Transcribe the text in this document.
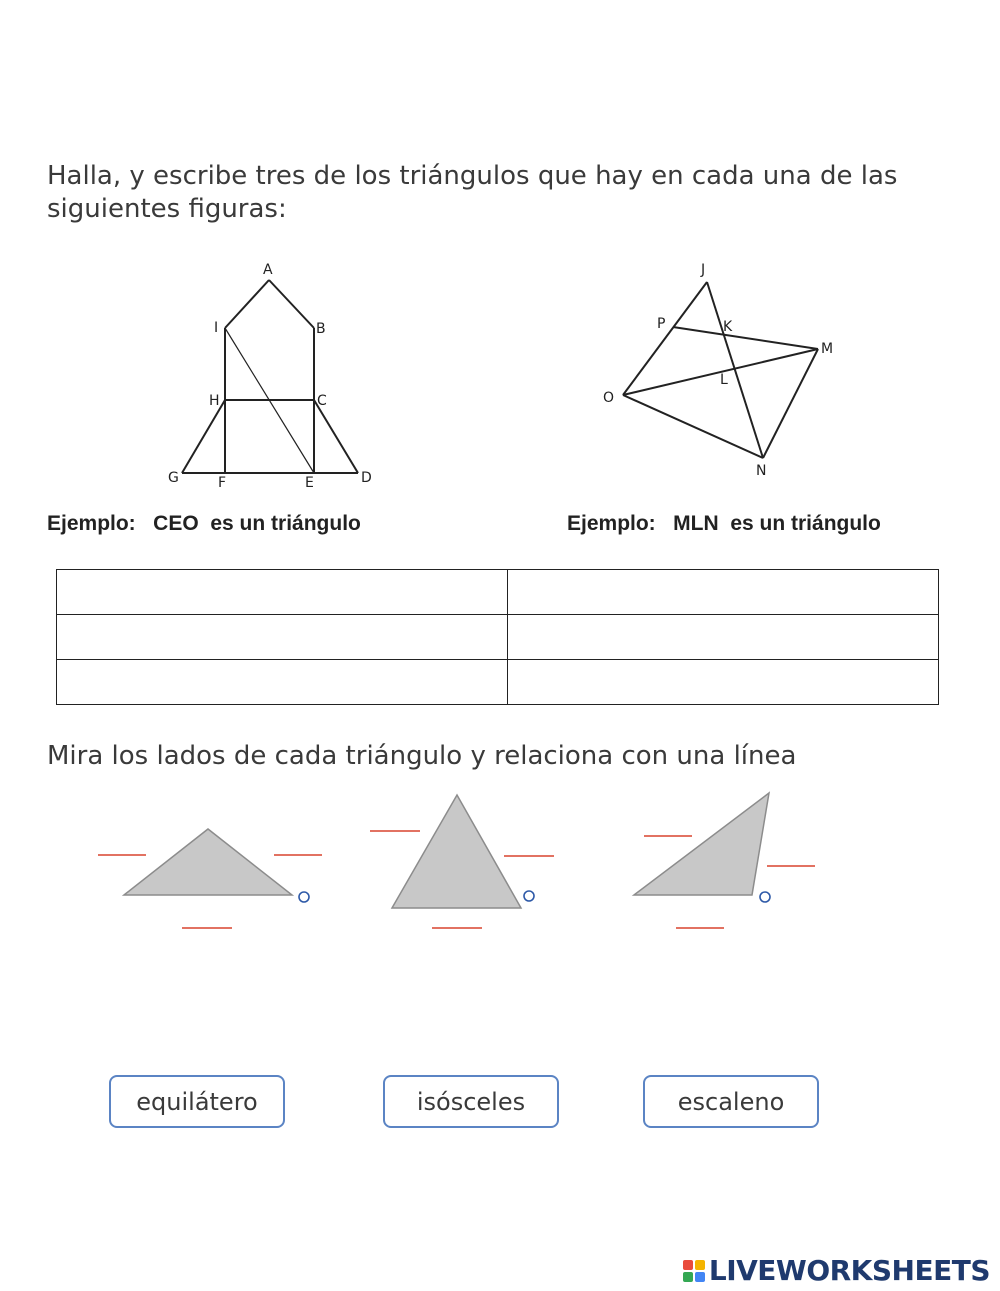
Halla, y escribe tres de los triángulos que hay en cada una de las

siguientes figuras:

A
B
C
D
E
F
G
H
I
J
K
L
M
N
O
P
Ejemplo:   CEO  es un triángulo	Ejemplo:   MLN  es un triángulo

Mira los lados de cada triángulo y relaciona con una línea

equilátero	isósceles	escaleno
LIVEWORKSHEETS
